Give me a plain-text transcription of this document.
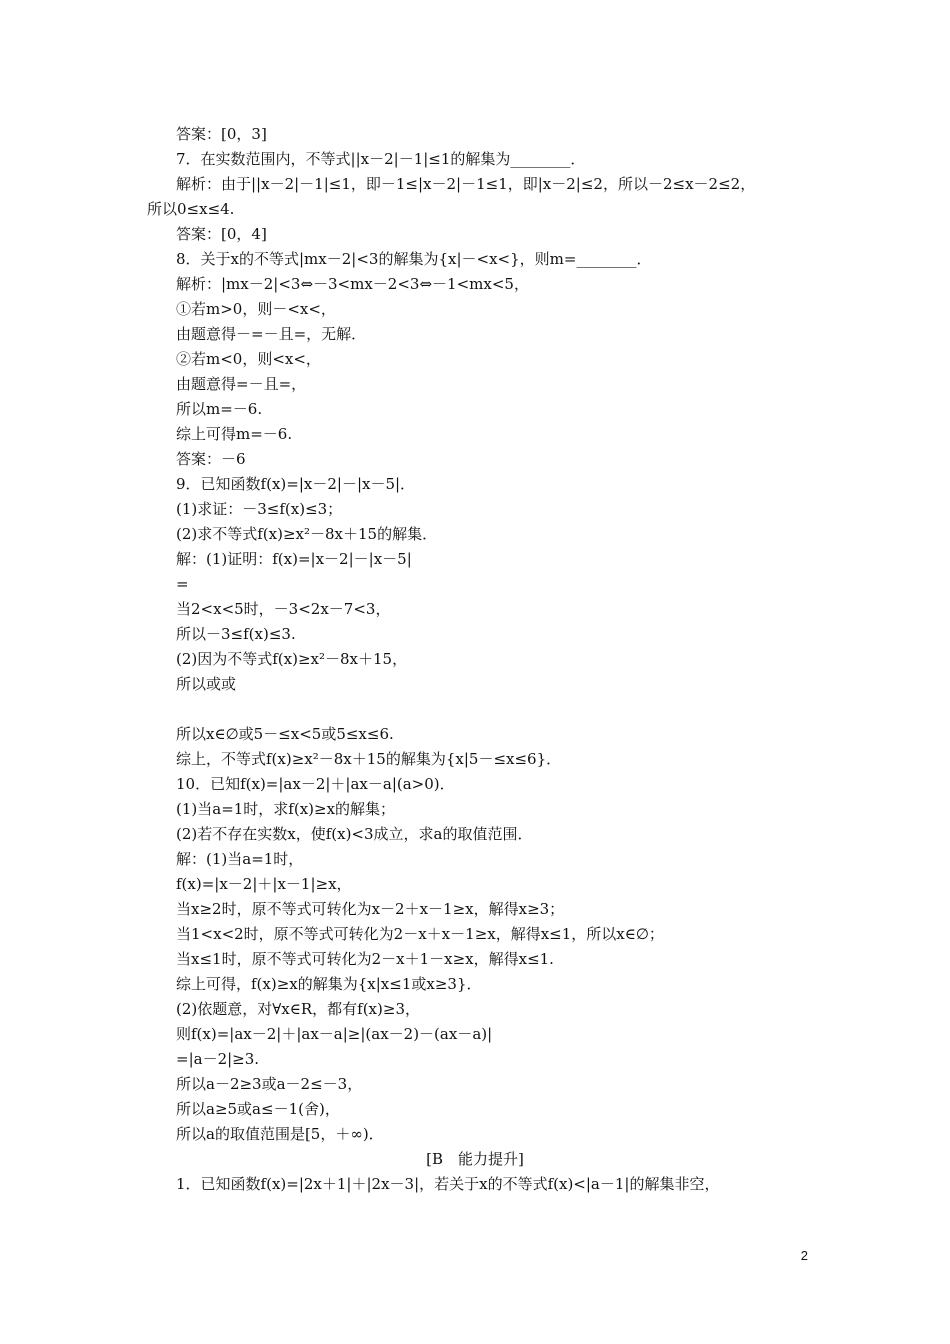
答案：[0，3]
7．在实数范围内，不等式||x－2|－1|≤1的解集为________．
解析：由于||x－2|－1|≤1，即－1≤|x－2|－1≤1，即|x－2|≤2，所以－2≤x－2≤2，
所以0≤x≤4.
答案：[0，4]
8．关于x的不等式|mx－2|<3的解集为{x|－<x<}，则m=________．
解析：|mx－2|<3⇔－3<mx－2<3⇔－1<mx<5，
①若m>0，则－<x<，
由题意得－=－且=，无解．
②若m<0，则<x<，
由题意得=－且=，
所以m=－6.
综上可得m=－6.
答案：－6
9．已知函数f(x)=|x－2|－|x－5|．
(1)求证：－3≤f(x)≤3；
(2)求不等式f(x)≥x²－8x＋15的解集．
解：(1)证明：f(x)=|x－2|－|x－5|
=
当2<x<5时，－3<2x－7<3，
所以－3≤f(x)≤3.
(2)因为不等式f(x)≥x²－8x＋15，
所以或或
所以x∈∅或5－≤x<5或5≤x≤6.
综上，不等式f(x)≥x²－8x＋15的解集为{x|5－≤x≤6}．
10．已知f(x)=|ax－2|＋|ax－a|(a>0)．
(1)当a=1时，求f(x)≥x的解集；
(2)若不存在实数x，使f(x)<3成立，求a的取值范围．
解：(1)当a=1时，
f(x)=|x－2|＋|x－1|≥x，
当x≥2时，原不等式可转化为x－2＋x－1≥x，解得x≥3；
当1<x<2时，原不等式可转化为2－x＋x－1≥x，解得x≤1，所以x∈∅；
当x≤1时，原不等式可转化为2－x＋1－x≥x，解得x≤1.
综上可得，f(x)≥x的解集为{x|x≤1或x≥3}．
(2)依题意，对∀x∈R，都有f(x)≥3，
则f(x)=|ax－2|＋|ax－a|≥|(ax－2)－(ax－a)|
=|a－2|≥3.
所以a－2≥3或a－2≤－3，
所以a≥5或a≤－1(舍)，
所以a的取值范围是[5，＋∞)．
[B　能力提升]
1．已知函数f(x)=|2x＋1|＋|2x－3|，若关于x的不等式f(x)<|a－1|的解集非空，
2
